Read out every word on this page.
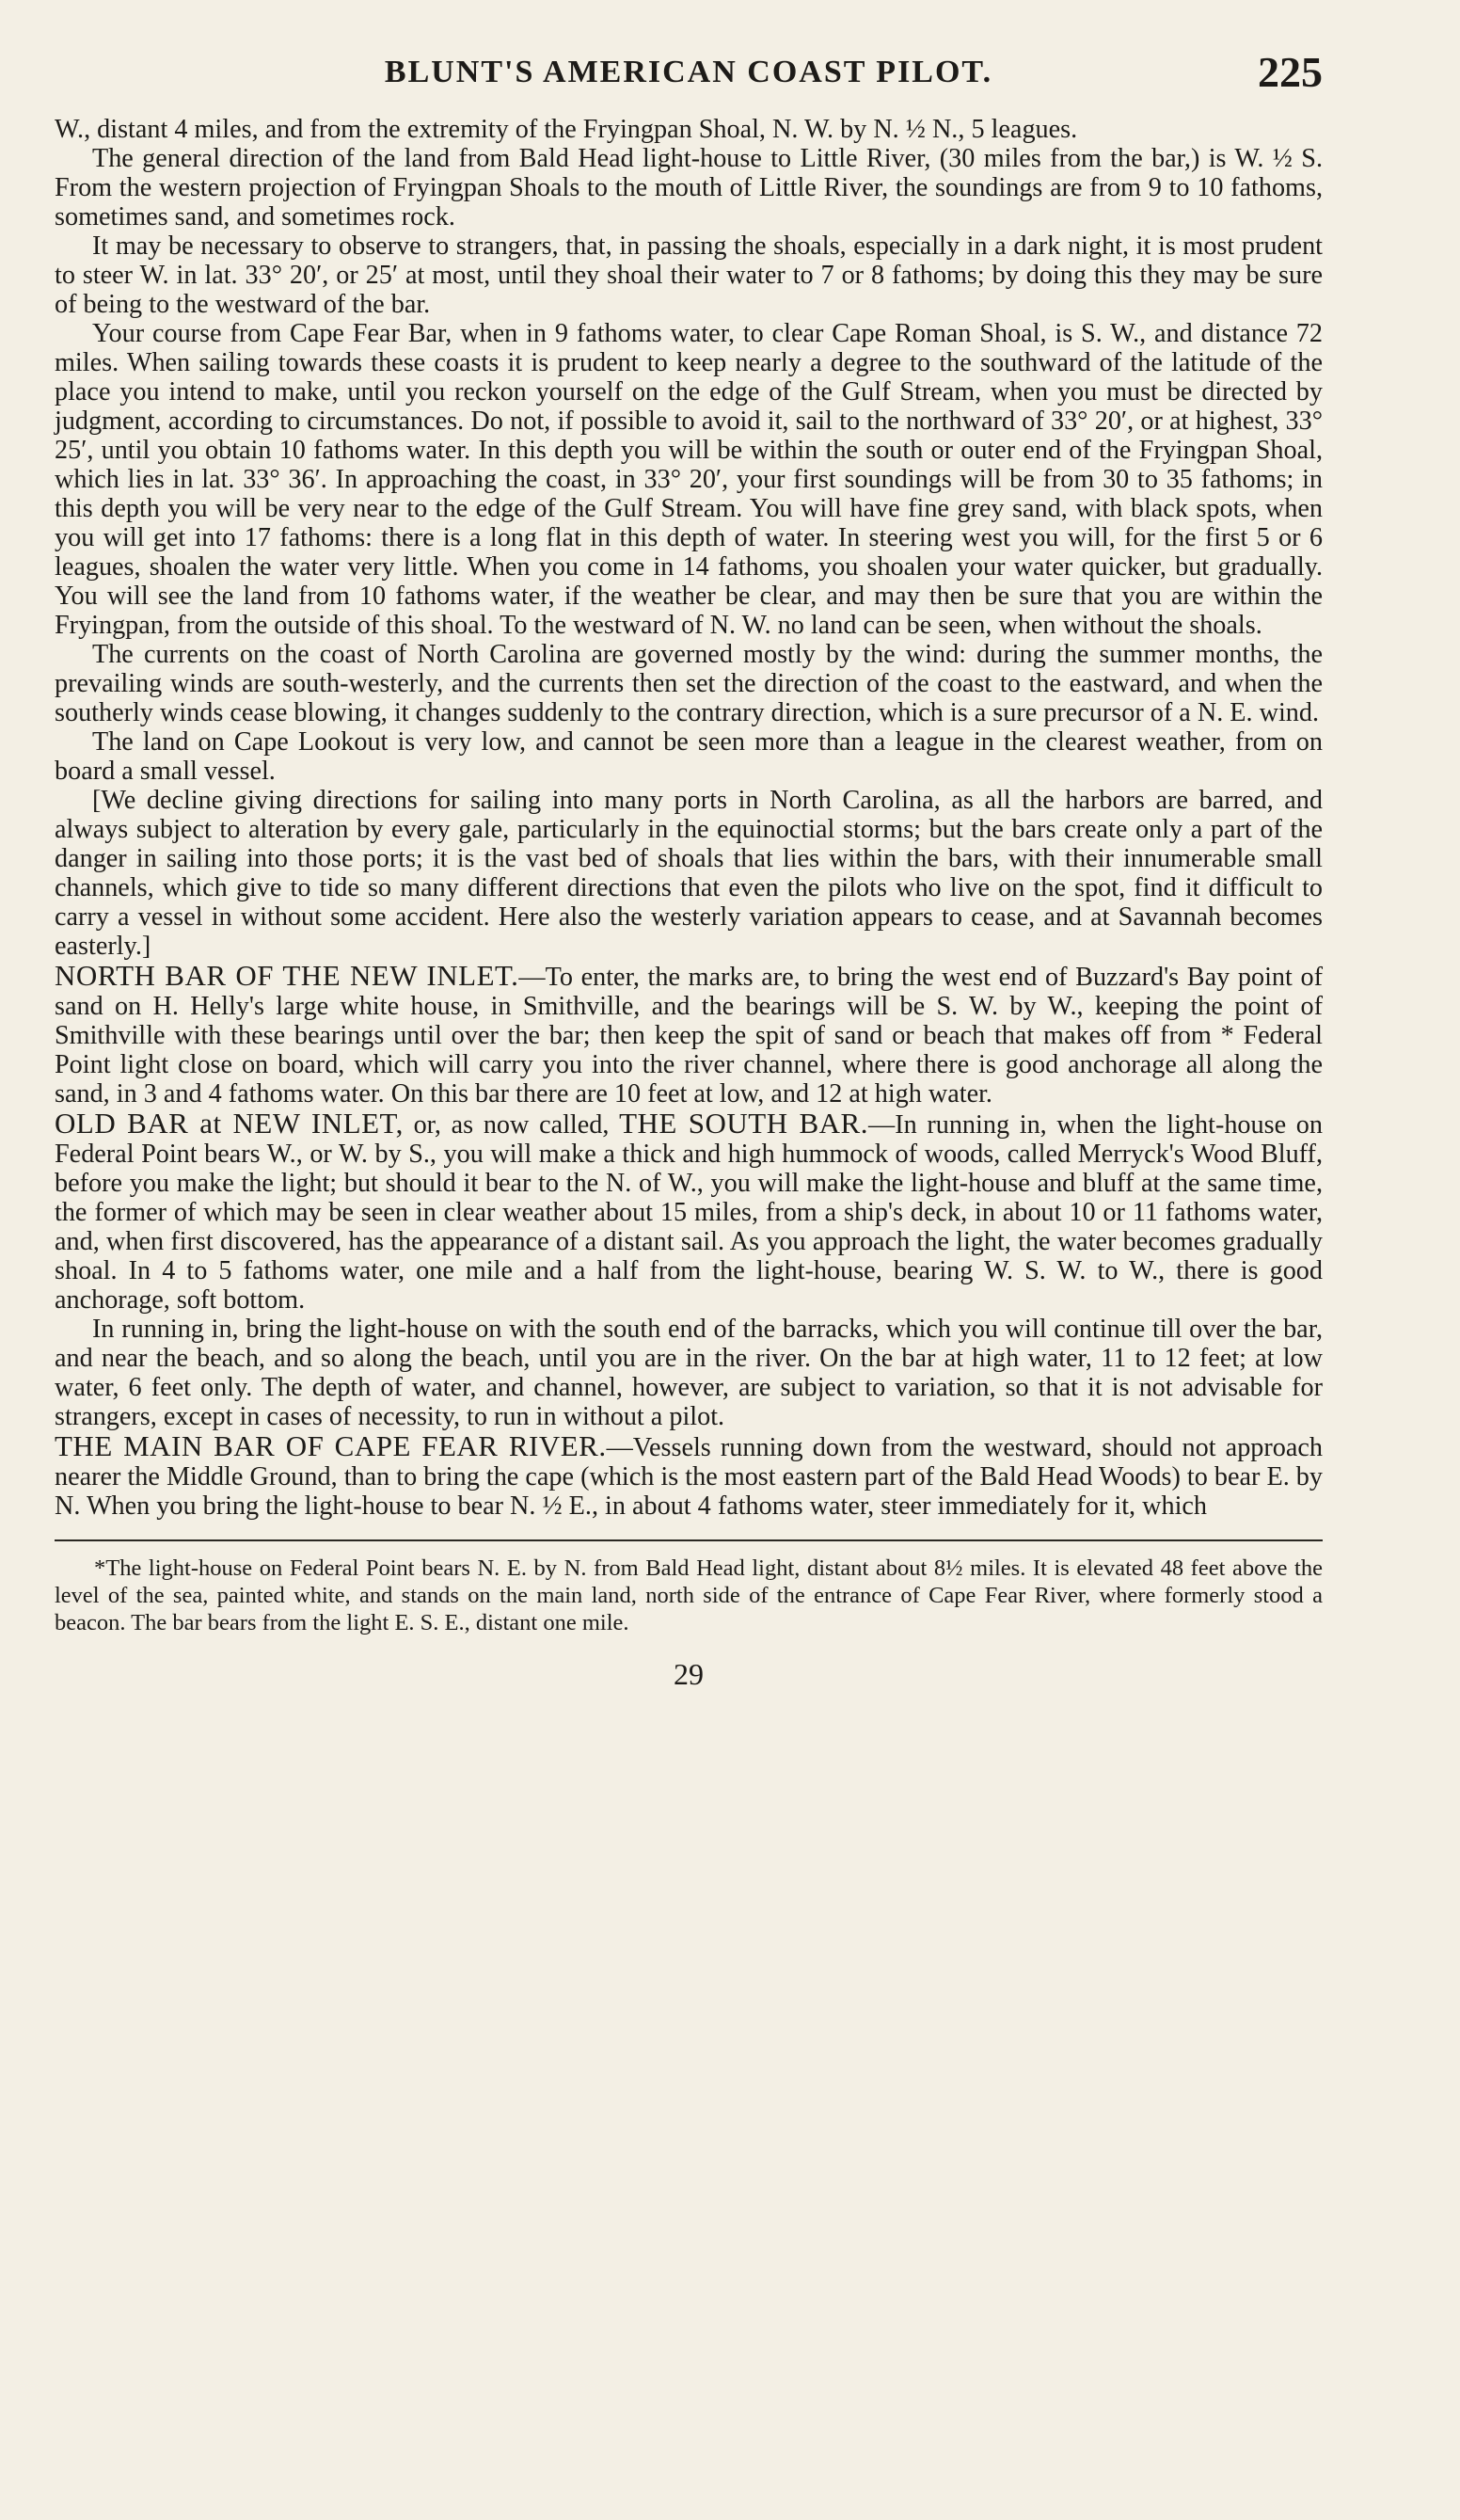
BLUNT'S AMERICAN COAST PILOT.	225

W., distant 4 miles, and from the extremity of the Fryingpan Shoal, N. W. by N. ½ N., 5 leagues.

The general direction of the land from Bald Head light-house to Little River, (30 miles from the bar,) is W. ½ S. From the western projection of Fryingpan Shoals to the mouth of Little River, the soundings are from 9 to 10 fathoms, sometimes sand, and sometimes rock.

It may be necessary to observe to strangers, that, in passing the shoals, especially in a dark night, it is most prudent to steer W. in lat. 33° 20′, or 25′ at most, until they shoal their water to 7 or 8 fathoms; by doing this they may be sure of being to the westward of the bar.

Your course from Cape Fear Bar, when in 9 fathoms water, to clear Cape Roman Shoal, is S. W., and distance 72 miles. When sailing towards these coasts it is prudent to keep nearly a degree to the southward of the latitude of the place you intend to make, until you reckon yourself on the edge of the Gulf Stream, when you must be directed by judgment, according to circumstances. Do not, if possible to avoid it, sail to the northward of 33° 20′, or at highest, 33° 25′, until you obtain 10 fathoms water. In this depth you will be within the south or outer end of the Fryingpan Shoal, which lies in lat. 33° 36′. In approaching the coast, in 33° 20′, your first soundings will be from 30 to 35 fathoms; in this depth you will be very near to the edge of the Gulf Stream. You will have fine grey sand, with black spots, when you will get into 17 fathoms: there is a long flat in this depth of water. In steering west you will, for the first 5 or 6 leagues, shoalen the water very little. When you come in 14 fathoms, you shoalen your water quicker, but gradually. You will see the land from 10 fathoms water, if the weather be clear, and may then be sure that you are within the Fryingpan, from the outside of this shoal. To the westward of N. W. no land can be seen, when without the shoals.

The currents on the coast of North Carolina are governed mostly by the wind: during the summer months, the prevailing winds are south-westerly, and the currents then set the direction of the coast to the eastward, and when the southerly winds cease blowing, it changes suddenly to the contrary direction, which is a sure precursor of a N. E. wind.

The land on Cape Lookout is very low, and cannot be seen more than a league in the clearest weather, from on board a small vessel.

[We decline giving directions for sailing into many ports in North Carolina, as all the harbors are barred, and always subject to alteration by every gale, particularly in the equinoctial storms; but the bars create only a part of the danger in sailing into those ports; it is the vast bed of shoals that lies within the bars, with their innumerable small channels, which give to tide so many different directions that even the pilots who live on the spot, find it difficult to carry a vessel in without some accident. Here also the westerly variation appears to cease, and at Savannah becomes easterly.]

NORTH BAR OF THE NEW INLET.—To enter, the marks are, to bring the west end of Buzzard's Bay point of sand on H. Helly's large white house, in Smithville, and the bearings will be S. W. by W., keeping the point of Smithville with these bearings until over the bar; then keep the spit of sand or beach that makes off from * Federal Point light close on board, which will carry you into the river channel, where there is good anchorage all along the sand, in 3 and 4 fathoms water. On this bar there are 10 feet at low, and 12 at high water.

OLD BAR at NEW INLET, or, as now called, THE SOUTH BAR.—In running in, when the light-house on Federal Point bears W., or W. by S., you will make a thick and high hummock of woods, called Merryck's Wood Bluff, before you make the light; but should it bear to the N. of W., you will make the light-house and bluff at the same time, the former of which may be seen in clear weather about 15 miles, from a ship's deck, in about 10 or 11 fathoms water, and, when first discovered, has the appearance of a distant sail. As you approach the light, the water becomes gradually shoal. In 4 to 5 fathoms water, one mile and a half from the light-house, bearing W. S. W. to W., there is good anchorage, soft bottom.

In running in, bring the light-house on with the south end of the barracks, which you will continue till over the bar, and near the beach, and so along the beach, until you are in the river. On the bar at high water, 11 to 12 feet; at low water, 6 feet only. The depth of water, and channel, however, are subject to variation, so that it is not advisable for strangers, except in cases of necessity, to run in without a pilot.

THE MAIN BAR OF CAPE FEAR RIVER.—Vessels running down from the westward, should not approach nearer the Middle Ground, than to bring the cape (which is the most eastern part of the Bald Head Woods) to bear E. by N. When you bring the light-house to bear N. ½ E., in about 4 fathoms water, steer immediately for it, which

*The light-house on Federal Point bears N. E. by N. from Bald Head light, distant about 8½ miles. It is elevated 48 feet above the level of the sea, painted white, and stands on the main land, north side of the entrance of Cape Fear River, where formerly stood a beacon. The bar bears from the light E. S. E., distant one mile.

29
